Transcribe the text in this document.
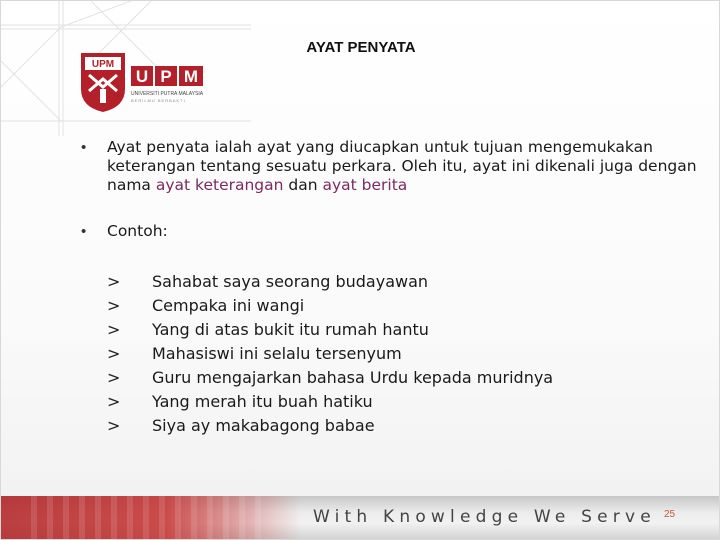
UPM
U P M
UNIVERSITI PUTRA MALAYSIA
BERILMU BERBAKTI
AYAT PENYATA
• Ayat penyata ialah ayat yang diucapkan untuk tujuan mengemukakan keterangan tentang sesuatu perkara. Oleh itu, ayat ini dikenali juga dengan nama ayat keterangan dan ayat berita
• Contoh:
>	Sahabat saya seorang budayawan
>	Cempaka ini wangi
>	Yang di atas bukit itu rumah hantu
>	Mahasiswi ini selalu tersenyum
>	Guru mengajarkan bahasa Urdu kepada muridnya
>	Yang merah itu buah hatiku
>	Siya ay makabagong babae
With Knowledge We Serve 25
